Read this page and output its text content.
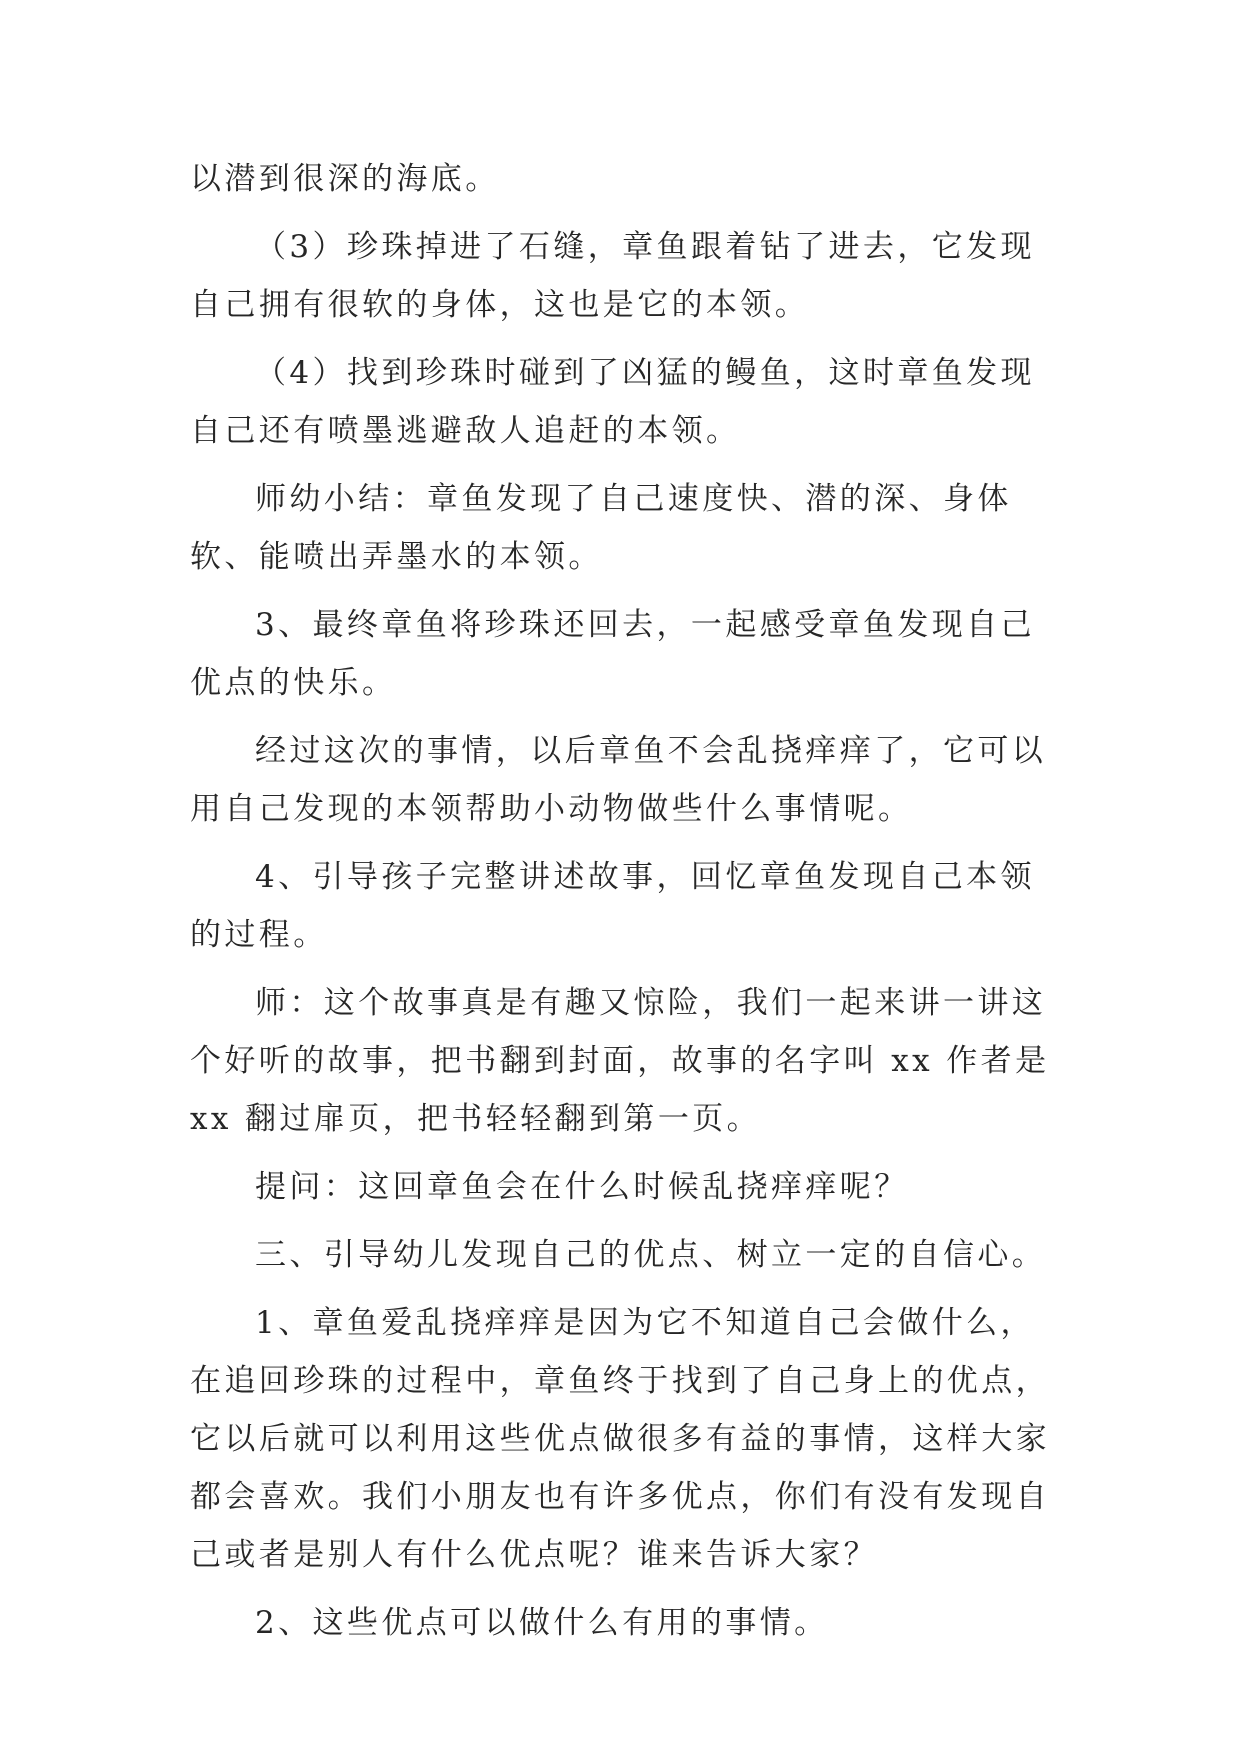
以潜到很深的海底。

（3）珍珠掉进了石缝，章鱼跟着钻了进去，它发现自己拥有很软的身体，这也是它的本领。

（4）找到珍珠时碰到了凶猛的鳗鱼，这时章鱼发现自己还有喷墨逃避敌人追赶的本领。

师幼小结：章鱼发现了自己速度快、潜的深、身体软、能喷出弄墨水的本领。

3、最终章鱼将珍珠还回去，一起感受章鱼发现自己优点的快乐。

经过这次的事情，以后章鱼不会乱挠痒痒了，它可以用自己发现的本领帮助小动物做些什么事情呢。

4、引导孩子完整讲述故事，回忆章鱼发现自己本领的过程。

师：这个故事真是有趣又惊险，我们一起来讲一讲这个好听的故事，把书翻到封面，故事的名字叫 xx 作者是 xx 翻过扉页，把书轻轻翻到第一页。

提问：这回章鱼会在什么时候乱挠痒痒呢？

三、引导幼儿发现自己的优点、树立一定的自信心。

1、章鱼爱乱挠痒痒是因为它不知道自己会做什么，在追回珍珠的过程中，章鱼终于找到了自己身上的优点，它以后就可以利用这些优点做很多有益的事情，这样大家都会喜欢。我们小朋友也有许多优点，你们有没有发现自己或者是别人有什么优点呢？谁来告诉大家？

2、这些优点可以做什么有用的事情。
